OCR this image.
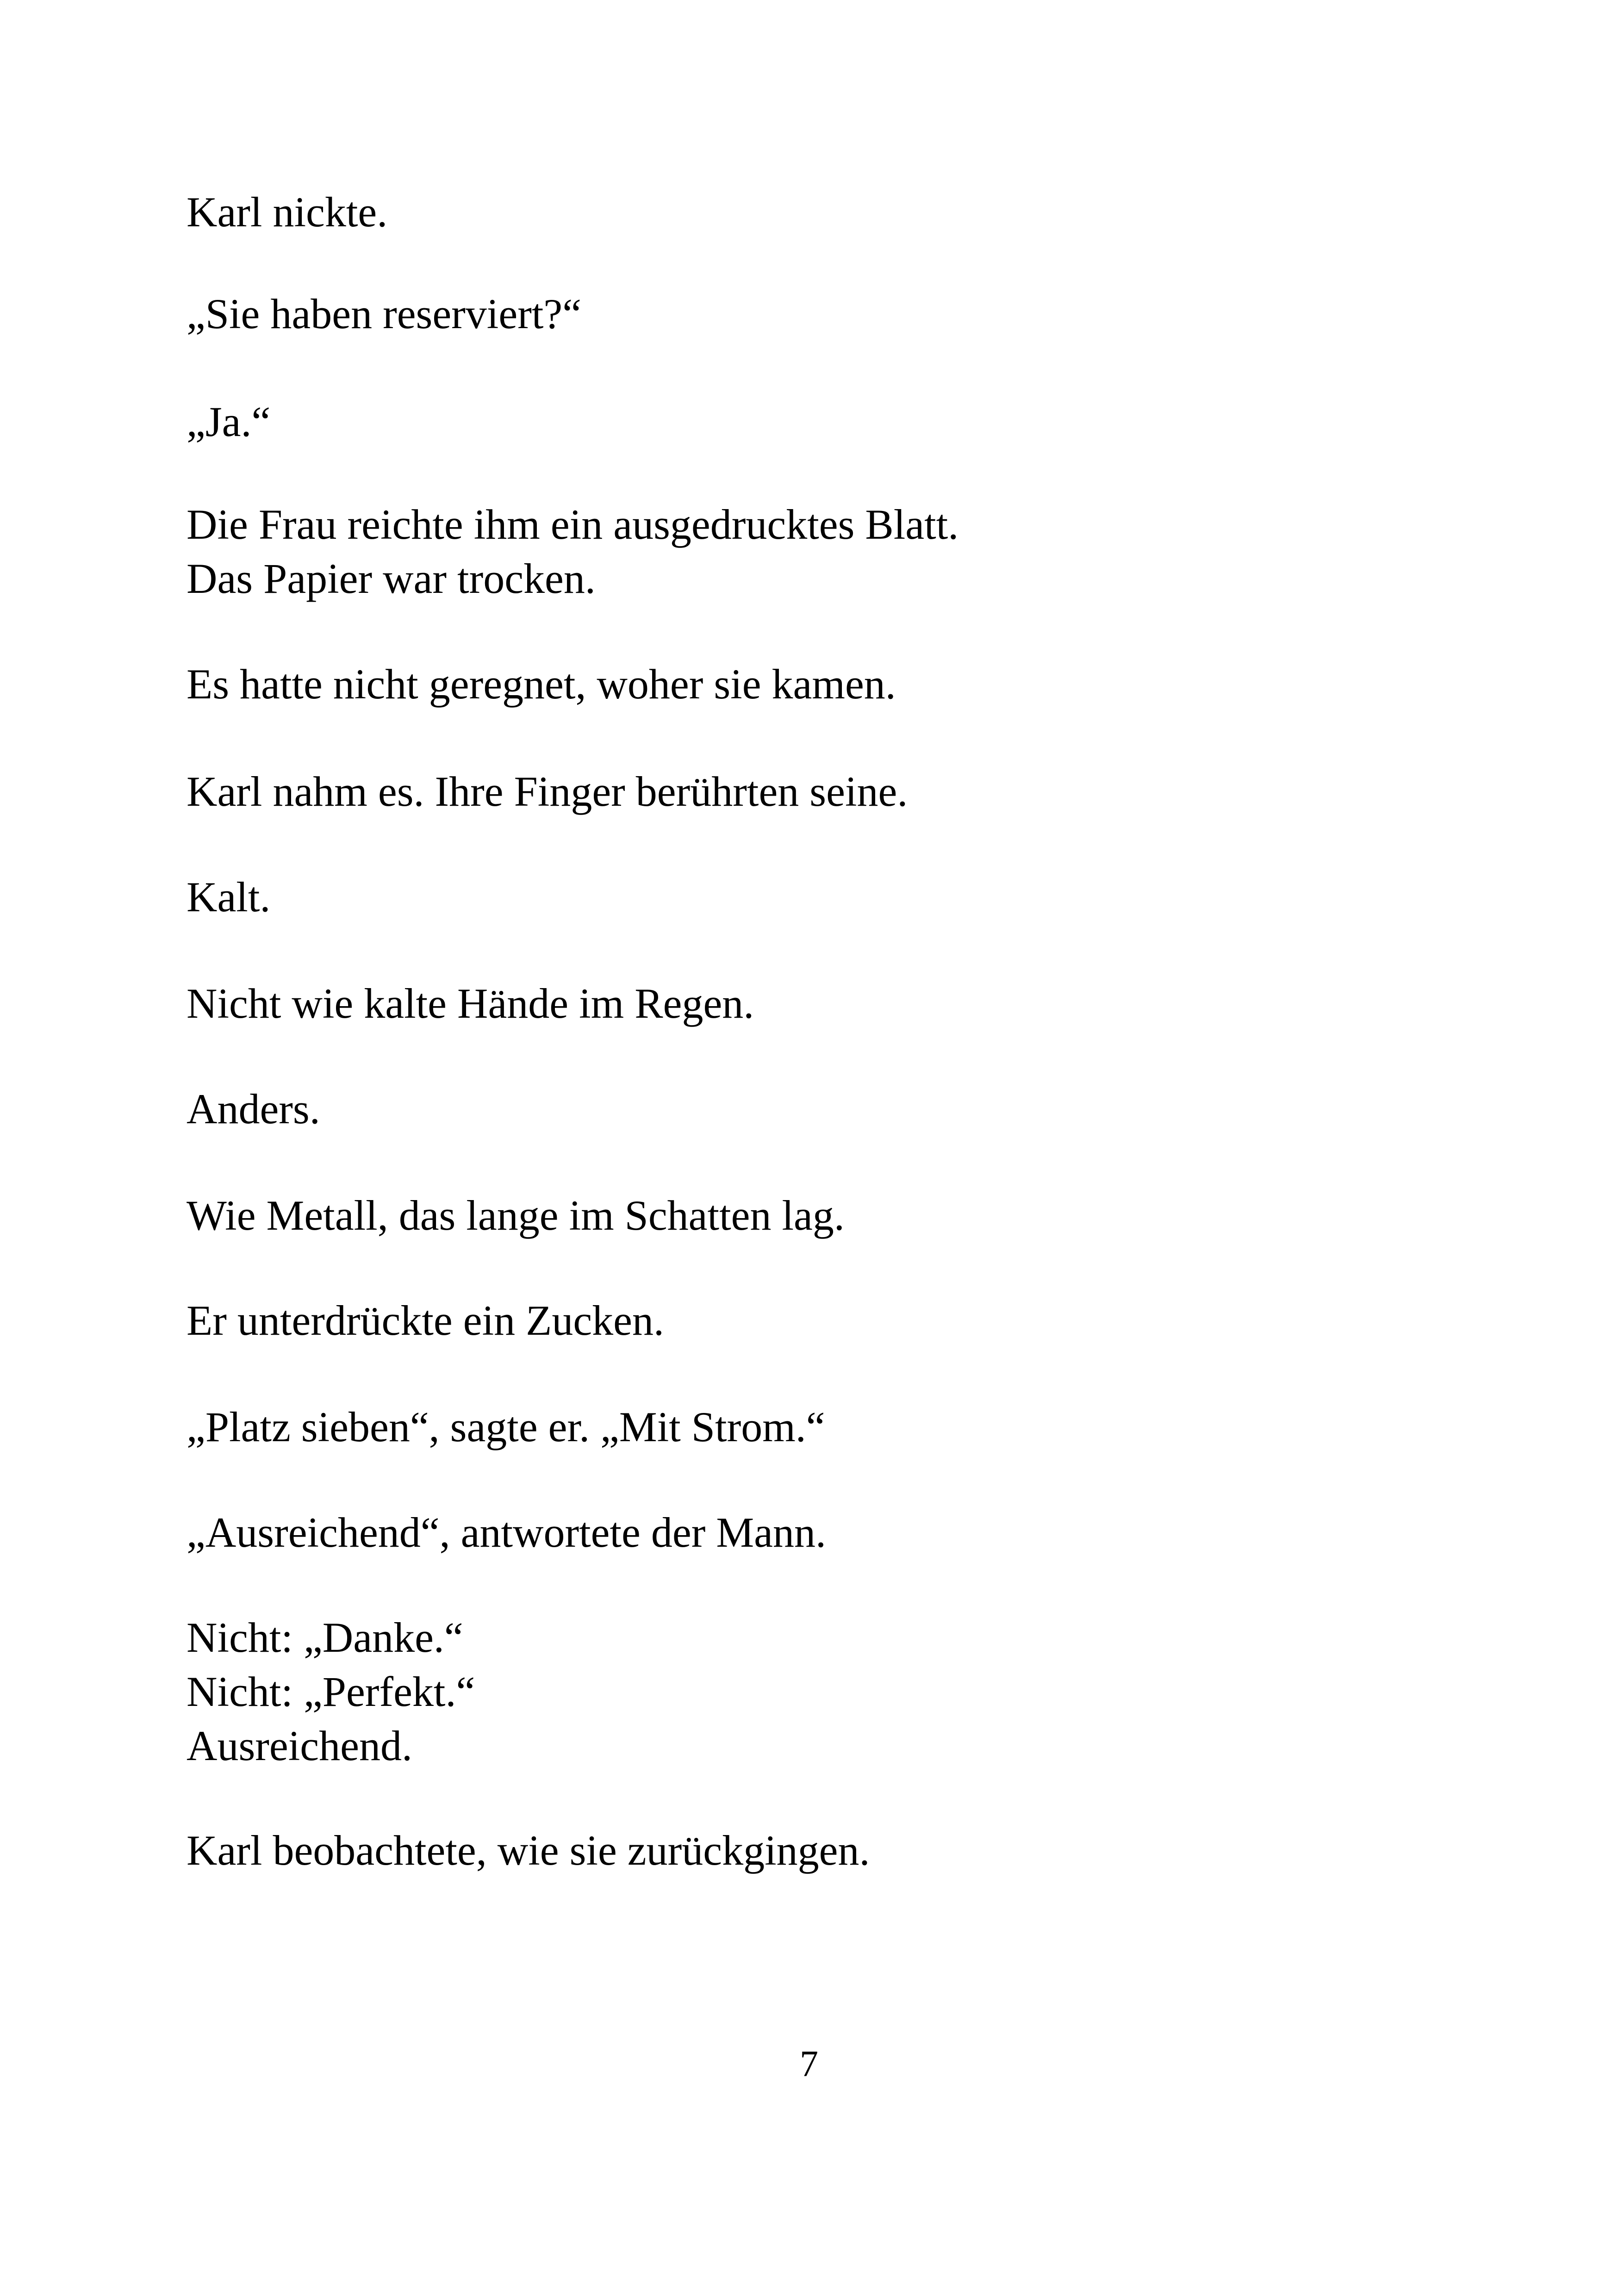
Karl nickte.

„Sie haben reserviert?“

„Ja.“

Die Frau reichte ihm ein ausgedrucktes Blatt.
Das Papier war trocken.

Es hatte nicht geregnet, woher sie kamen.

Karl nahm es. Ihre Finger berührten seine.

Kalt.

Nicht wie kalte Hände im Regen.

Anders.

Wie Metall, das lange im Schatten lag.

Er unterdrückte ein Zucken.

„Platz sieben“, sagte er. „Mit Strom.“

„Ausreichend“, antwortete der Mann.

Nicht: „Danke.“
Nicht: „Perfekt.“
Ausreichend.

Karl beobachtete, wie sie zurückgingen.

7
